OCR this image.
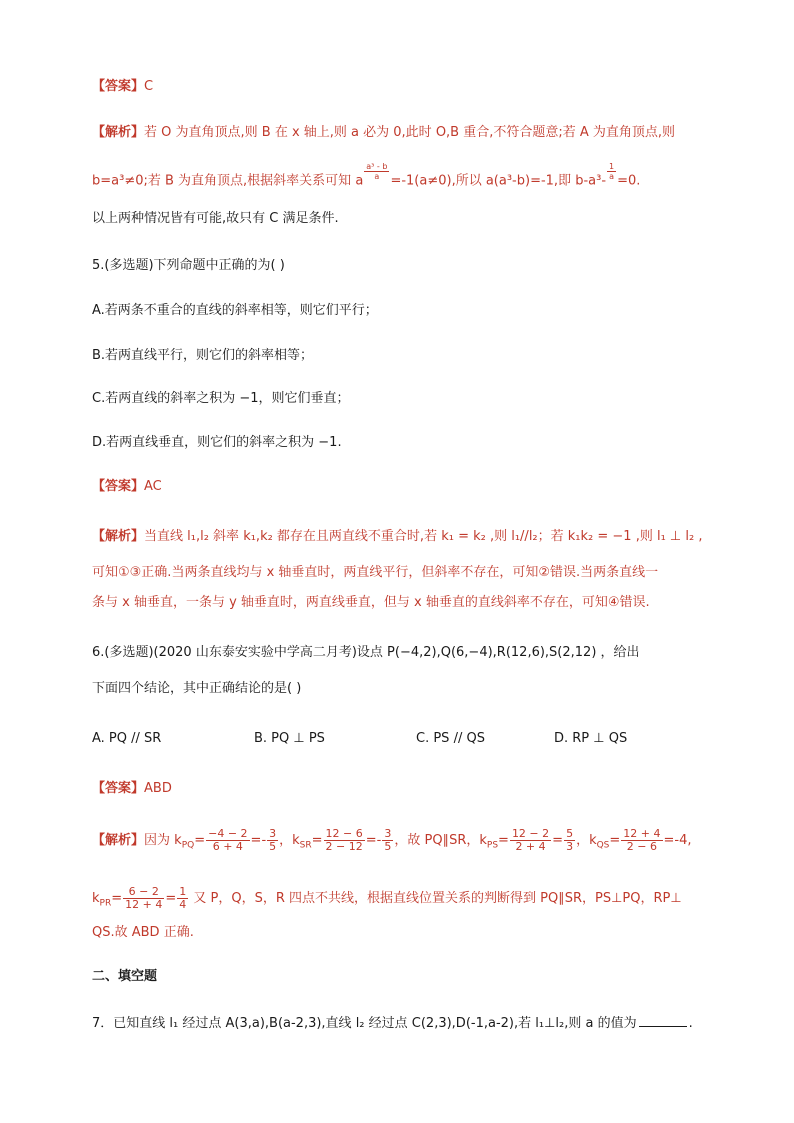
【答案】C
【解析】若 O 为直角顶点,则 B 在 x 轴上,则 a 必为 0,此时 O,B 重合,不符合题意;若 A 为直角顶点,则
b=a³≠0;若 B 为直角顶点,根据斜率关系可知 a $\frac{\text{a³ - b}}{a} =-1(a\ne 0)$,所以 a(a³-b)=-1,即 $b-a^3- \frac{1}{a} =0$.
以上两种情况皆有可能,故只有 C 满足条件.
5.(多选题)下列命题中正确的为( )
A.若两条不重合的直线的斜率相等，则它们平行；
B.若两直线平行，则它们的斜率相等；
C.若两直线的斜率之积为 −1，则它们垂直；
D.若两直线垂直，则它们的斜率之积为 −1.
【答案】AC
【解析】当直线 l₁,l₂ 斜率 k₁,k₂ 都存在且两直线不重合时,若 k₁ = k₂ ,则 l₁//l₂；若 k₁k₂ = −1 ,则 l₁ ⊥ l₂ ,
可知①③正确.当两条直线均与 x 轴垂直时，两直线平行，但斜率不存在，可知②错误.当两条直线一
条与 x 轴垂直，一条与 y 轴垂直时，两直线垂直，但与 x 轴垂直的直线斜率不存在，可知④错误.
6.(多选题)(2020 山东泰安实验中学高二月考)设点 P(−4,2),Q(6,−4),R(12,6),S(2,12) ，给出
下面四个结论，其中正确结论的是( )
A. PQ // SR	B. PQ ⊥ PS	C. PS // QS	D. RP ⊥ QS
【答案】ABD
【解析】因为 $k_{PQ}= \frac{-4 - 2}{6 + 4} =- \frac{3}{5}$ ，$k_{SR}= \frac{12 - 6}{2 - 12} =- \frac{3}{5}$ ，故 PQ∥SR，$k_{PS}= \frac{12 - 2}{2 + 4} = \frac{5}{3}$ ，$k_{QS}= \frac{12 + 4}{2 - 6} =-4$,
$k_{PR}= \frac{6 - 2}{12 + 4} = \frac{1}{4}$ 又 P，Q，S，R 四点不共线，根据直线位置关系的判断得到 PQ∥SR，PS⊥PQ，RP⊥
QS.故 ABD 正确.
二、填空题
7．已知直线 l₁ 经过点 A(3,a),B(a-2,3),直线 l₂ 经过点 C(2,3),D(-1,a-2),若 l₁⊥l₂,则 a 的值为	.
